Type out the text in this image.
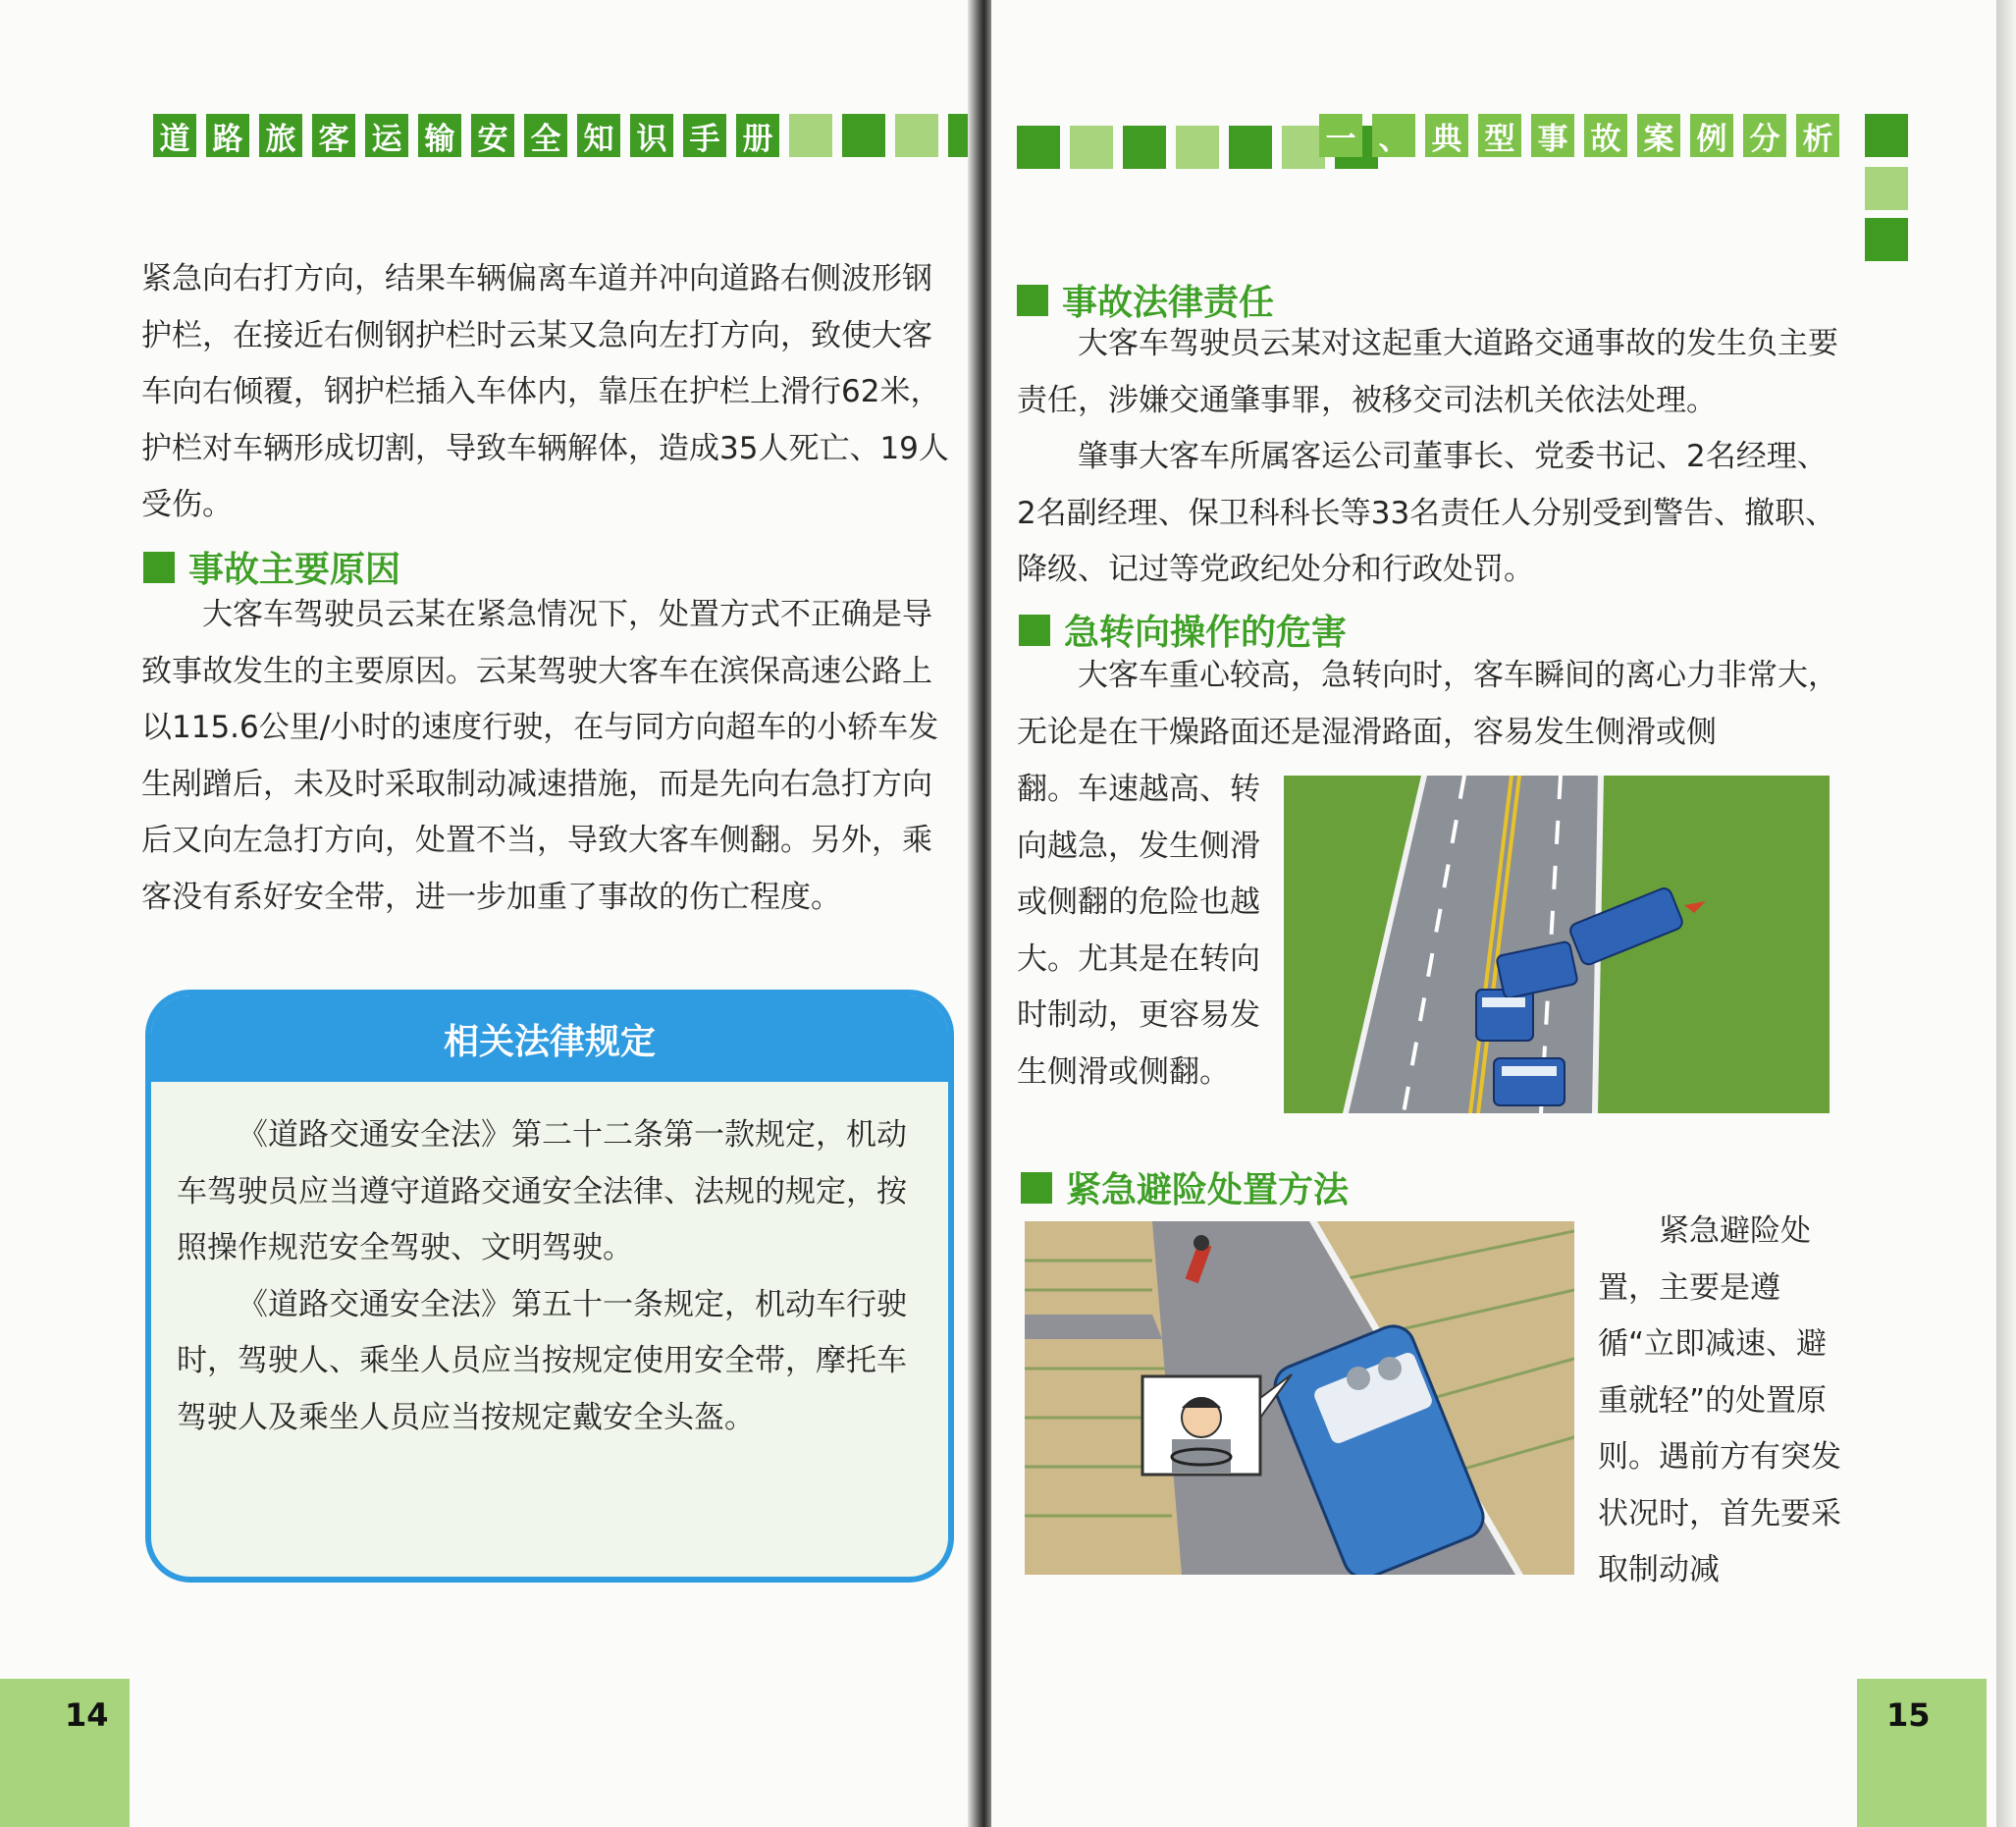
道 路 旅 客 运 输 安 全 知 识 手 册

紧急向右打方向，结果车辆偏离车道并冲向道路右侧波形钢护栏，在接近右侧钢护栏时云某又急向左打方向，致使大客车向右倾覆，钢护栏插入车体内，靠压在护栏上滑行62米，护栏对车辆形成切割，导致车辆解体，造成35人死亡、19人受伤。

事故主要原因

大客车驾驶员云某在紧急情况下，处置方式不正确是导致事故发生的主要原因。云某驾驶大客车在滨保高速公路上以115.6公里/小时的速度行驶，在与同方向超车的小轿车发生剐蹭后，未及时采取制动减速措施，而是先向右急打方向后又向左急打方向，处置不当，导致大客车侧翻。另外，乘客没有系好安全带，进一步加重了事故的伤亡程度。

相关法律规定

《道路交通安全法》第二十二条第一款规定，机动车驾驶员应当遵守道路交通安全法律、法规的规定，按照操作规范安全驾驶、文明驾驶。

《道路交通安全法》第五十一条规定，机动车行驶时，驾驶人、乘坐人员应当按规定使用安全带，摩托车驾驶人及乘坐人员应当按规定戴安全头盔。

14
一 、 典 型 事 故 案 例 分 析
事故法律责任

大客车驾驶员云某对这起重大道路交通事故的发生负主要责任，涉嫌交通肇事罪，被移交司法机关依法处理。

肇事大客车所属客运公司董事长、党委书记、2名经理、2名副经理、保卫科科长等33名责任人分别受到警告、撤职、降级、记过等党政纪处分和行政处罚。

急转向操作的危害

大客车重心较高，急转向时，客车瞬间的离心力非常大，无论是在干燥路面还是湿滑路面，容易发生侧滑或侧

翻。车速越高、转向越急，发生侧滑或侧翻的危险也越大。尤其是在转向时制动，更容易发生侧滑或侧翻。

紧急避险处置方法

紧急避险处置，主要是遵循“立即减速、避重就轻”的处置原则。遇前方有突发状况时，首先要采取制动减

15
